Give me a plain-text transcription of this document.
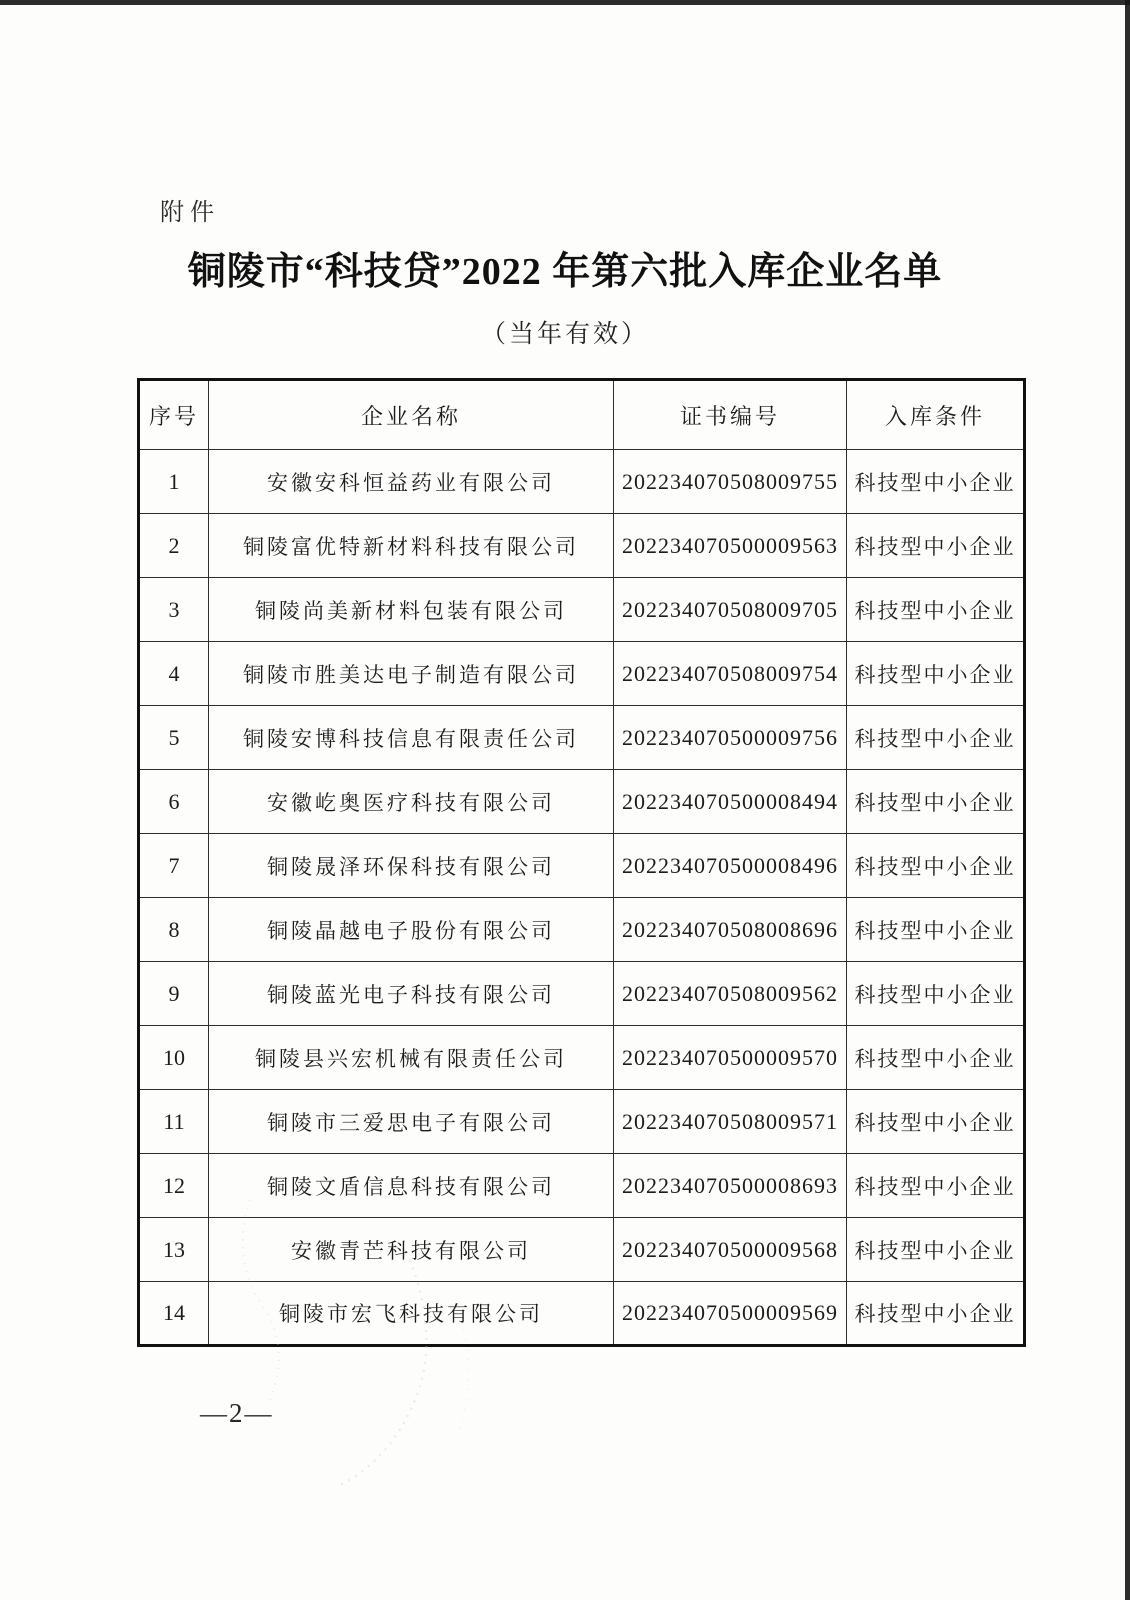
附件
铜陵市“科技贷”2022 年第六批入库企业名单
（当年有效）
序号	企业名称	证书编号	入库条件
1	安徽安科恒益药业有限公司	202234070508009755	科技型中小企业
2	铜陵富优特新材料科技有限公司	202234070500009563	科技型中小企业
3	铜陵尚美新材料包装有限公司	202234070508009705	科技型中小企业
4	铜陵市胜美达电子制造有限公司	202234070508009754	科技型中小企业
5	铜陵安博科技信息有限责任公司	202234070500009756	科技型中小企业
6	安徽屹奥医疗科技有限公司	202234070500008494	科技型中小企业
7	铜陵晟泽环保科技有限公司	202234070500008496	科技型中小企业
8	铜陵晶越电子股份有限公司	202234070508008696	科技型中小企业
9	铜陵蓝光电子科技有限公司	202234070508009562	科技型中小企业
10	铜陵县兴宏机械有限责任公司	202234070500009570	科技型中小企业
11	铜陵市三爱思电子有限公司	202234070508009571	科技型中小企业
12	铜陵文盾信息科技有限公司	202234070500008693	科技型中小企业
13	安徽青芒科技有限公司	202234070500009568	科技型中小企业
14	铜陵市宏飞科技有限公司	202234070500009569	科技型中小企业
—2—
